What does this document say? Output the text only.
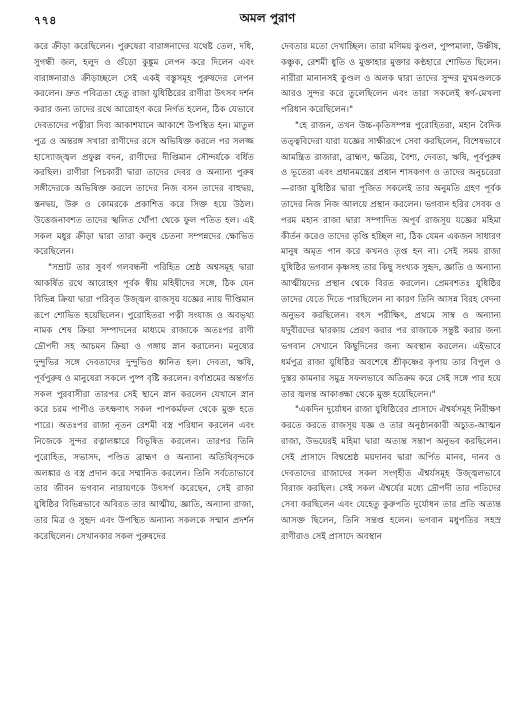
৭৭৪	অমল পুরাণ

করে ক্রীড়া করেছিলেন। পুরুষেরা বারাঙ্গনাদের যথেষ্ট তেল, দধি, সুগন্ধী জল, হলুদ ও গুঁড়ো কুঙ্কুম লেপন করে দিলেন এবং বারাঙ্গনারাও ক্রীড়াচ্ছলে সেই একই বস্তুসমূহ পুরুষদের লেপন করলেন। দ্রুত পবিত্রতা হেতু রাজা যুধিষ্ঠিরের রাণীরা উৎসব দর্শন করার জন্য তাদের রথে আরোহণ করে নির্গত হলেন, ঠিক যেভাবে দেবতাদের পত্নীরা দিব্য আকাশযানে আকাশে উপস্থিত হন। মাতুল পুত্র ও অন্তরঙ্গ সখারা রাণীদের রসে অভিষিক্ত করলে পর সলজ্জ হাস্যোজ্জ্বল প্রফুল্ল বদন, রাণীদের দীপ্তিমান সৌন্দর্যকে বর্ধিত করছিল। রাণীরা পিচকারী দ্বারা তাদের দেবর ও অন্যান্য পুরুষ সঙ্গীদেরকে অভিষিক্ত করলে তাদের নিজ বসন তাদের বাহুদ্বয়, স্তনদ্বয়, উরু ও কোমরকে প্রকাশিত করে সিক্ত হয়ে উঠল। উত্তেজনাবশত তাদের স্খলিত খোঁপা থেকে ফুল পতিত হল। এই সকল মধুর ক্রীড়া দ্বারা তারা কলুষ চেতনা সম্পন্নদের ক্ষোভিত করেছিলেন।

"সম্রাট তার সুবর্ণ গলবন্ধনী পরিহিত শ্রেষ্ঠ অশ্বসমূহ দ্বারা আকর্ষিত রথে আরোহণ পূর্বক স্বীয় মহিষীদের সঙ্গে, ঠিক যেন বিভিন্ন ক্রিয়া দ্বারা পরিবৃত উজ্জ্বল রাজসূয় যজ্ঞের ন্যায় দীপ্তিমান রূপে শোভিত হয়েছিলেন। পুরোহিতরা পত্নী সংযাজ ও অবভৃথ্য নামক শেষ ক্রিয়া সম্পাদনের মাধ্যমে রাজাকে অতঃপর রাণী দ্রৌপদী সহ আচমন ক্রিয়া ও গঙ্গায় স্নান করালেন। মনুষ্যের দুন্দুভির সঙ্গে দেবতাদের দুন্দুভিও ধ্বনিত হল। দেবতা, ঋষি, পূর্বপুরুষ ও মানুষেরা সকলে পুষ্প বৃষ্টি করলেন। বর্ণাশ্রমের অন্তর্গত সকল পুরবাসীরা তারপর সেই স্থানে স্নান করলেন যেখানে স্নান করে চরম পাপীও তৎক্ষণাৎ সকল পাপকর্মফল থেকে মুক্ত হতে পারে। অতঃপর রাজা নূতন রেশমী বস্ত্র পরিধান করলেন এবং নিজেকে সুন্দর রত্নালঙ্কারে বিভূষিত করলেন। তারপর তিনি পুরোহিত, সভাসদ, পণ্ডিত ব্রাহ্মণ ও অন্যান্য অতিথিবৃন্দকে অলঙ্কার ও বস্ত্র প্রদান করে সম্মানিত করলেন। তিনি সর্বতোভাবে তার জীবন ভগবান নারায়ণকে উৎসর্গ করেছেন, সেই রাজা যুধিষ্ঠির বিভিন্নভাবে অবিরত তার আত্মীয়, জ্ঞাতি, অন্যান্য রাজা, তার মিত্র ও সুহৃদ এবং উপস্থিত অন্যান্য সকলকে সম্মান প্রদর্শন করেছিলেন। সেখানকার সকল পুরুষদের

দেবতার মতো দেখাচ্ছিল। তারা মণিময় কুণ্ডল, পুষ্পমালা, উষ্ণীষ, কঞ্চুক, রেশমী ধুতি ও মুক্তাহার মুক্তার কণ্ঠহারে শোভিত ছিলেন। নারীরা মানানসই কুণ্ডল ও অলক দ্বারা তাদের সুন্দর মুখমণ্ডলকে আরও সুন্দর করে তুলেছিলেন এবং তারা সকলেই স্বর্ণ-মেখলা পরিধান করেছিলেন।"

"হে রাজন, তখন উচ্চ-কৃতিসম্পন্ন পুরোহিতরা, মহান বৈদিক তত্ত্ববিদেরা যারা যজ্ঞের সাক্ষীরূপে সেবা করছিলেন, বিশেষভাবে আমন্ত্রিত রাজারা, ব্রাহ্মণ, ক্ষত্রিয়, বৈশ্য, দেবতা, ঋষি, পূর্বপুরুষ ও ভূতেরা এবং প্রধানমন্ত্রের প্রধান শাসকগণ ও তাদের অনুচরেরা—রাজা যুধিষ্ঠির দ্বারা পূজিত সকলেই তার অনুমতি গ্রহণ পূর্বক তাদের নিজ নিজ আলয়ে প্রস্থান করলেন। ভগবান হরির সেবক ও পরম মহান রাজা দ্বারা সম্পাদিত অপূর্ব রাজসূয় যজ্ঞের মহিমা কীর্তন করেও তাদের তৃপ্তি হচ্ছিল না, ঠিক যেমন একজন সাধারণ মানুষ অমৃত পান করে কখনও তৃপ্ত হন না। সেই সময় রাজা যুধিষ্ঠির ভগবান কৃষ্ণসহ তার কিছু সংখ্যক সুহৃদ, জ্ঞাতি ও অন্যান্য আত্মীয়দের প্রস্থান থেকে বিরত করলেন। প্রেমবশতঃ যুধিষ্ঠির তাদের যেতে দিতে পারছিলেন না কারণ তিনি আসন্ন বিরহ বেদনা অনুভব করছিলেন। বৎস পরীক্ষিৎ, প্রথমে সাম্ব ও অন্যান্য যদুবীরদের দ্বারকায় প্রেরণ করার পর রাজাকে সন্তুষ্ট করার জন্য ভগবান সেখানে কিছুদিনের জন্য অবস্থান করলেন। এইভাবে ধর্মপুত্র রাজা যুধিষ্ঠির অবশেষে শ্রীকৃষ্ণের কৃপায় তার বিপুল ও দুস্তর কামনার সমুদ্র সফলভাবে অতিক্রম করে সেই সঙ্গে পার হয়ে তার জ্বলন্ত আকাঙ্ক্ষা থেকে মুক্ত হয়েছিলেন।"

"একদিন দুর্যোধন রাজা যুধিষ্ঠিরের প্রাসাদে ঐশ্বর্যসমূহ নিরীক্ষণ করতে করতে রাজসূয় যজ্ঞ ও তার অনুষ্ঠানকারী অচ্যুত-আত্মন রাজা, উভয়েরই মহিমা দ্বারা অত্যন্ত সন্তাপ অনুভব করছিলেন। সেই প্রাসাদে বিশ্বশ্রেষ্ঠ ময়দানব দ্বারা অর্পিত মানব, দানব ও দেবতাদের রাজাদের সকল সংগৃহীত ঐশ্বর্যসমূহ উজ্জ্বলভাবে বিরাজ করছিল। সেই সকল ঐশ্বর্যের মধ্যে দ্রৌপদী তার পতিদের সেবা করছিলেন এবং যেহেতু কুরুপতি দুর্যোধন তার প্রতি অত্যন্ত আসক্ত ছিলেন, তিনি সন্তপ্ত হলেন। ভগবান মধুপতির সহস্র রাণীরাও সেই প্রাসাদে অবস্থান
